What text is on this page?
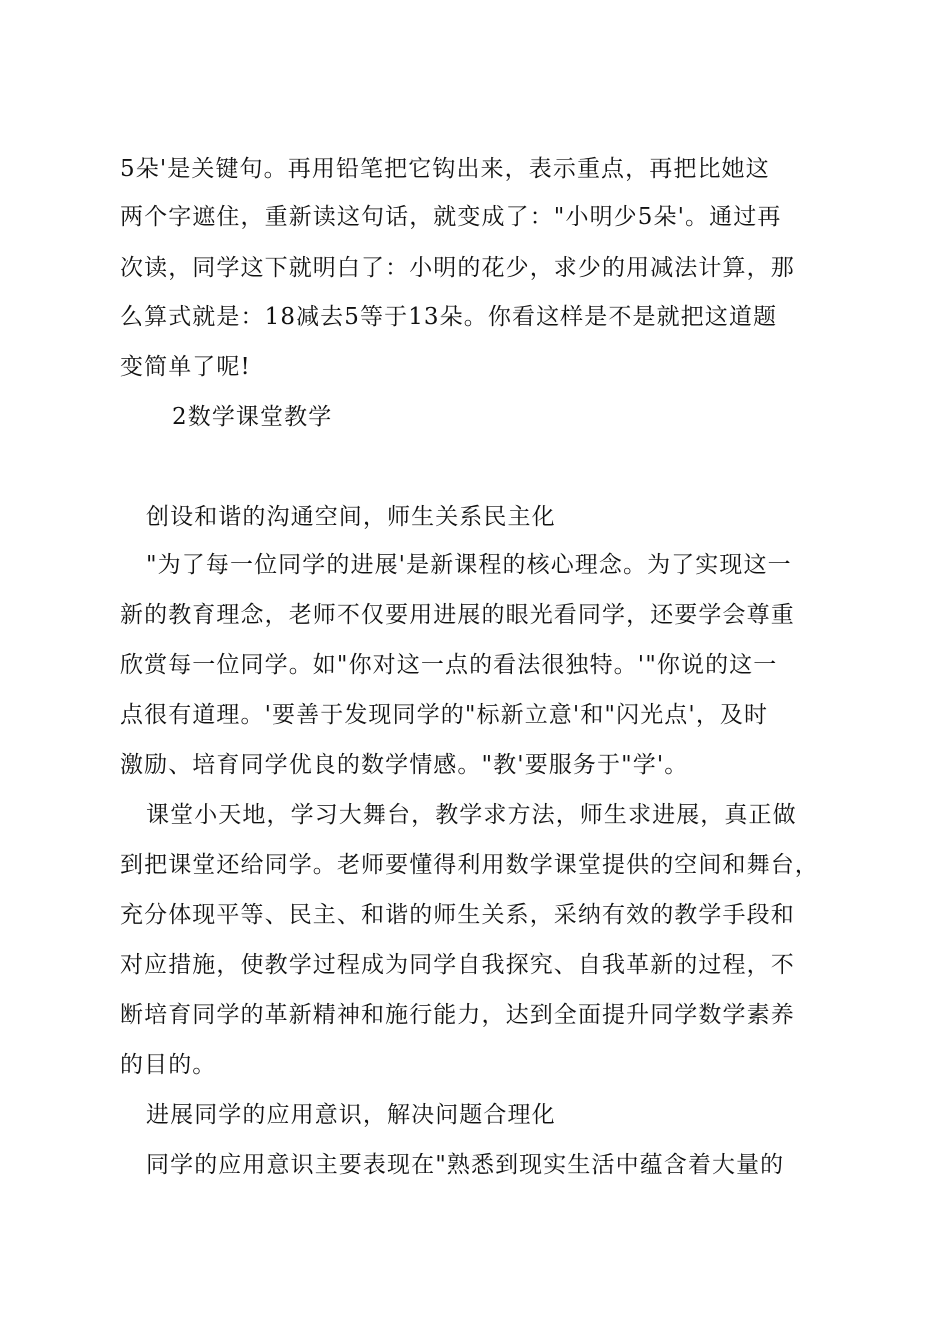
5朵'是关键句。再用铅笔把它钩出来，表示重点，再把比她这
两个字遮住，重新读这句话，就变成了："小明少5朵'。通过再
次读，同学这下就明白了：小明的花少，求少的用减法计算，那
么算式就是：18减去5等于13朵。你看这样是不是就把这道题
变简单了呢!
2数学课堂教学
创设和谐的沟通空间，师生关系民主化
"为了每一位同学的进展'是新课程的核心理念。为了实现这一
新的教育理念，老师不仅要用进展的眼光看同学，还要学会尊重
欣赏每一位同学。如"你对这一点的看法很独特。'"你说的这一
点很有道理。'要善于发现同学的"标新立意'和"闪光点'，及时
激励、培育同学优良的数学情感。"教'要服务于"学'。
课堂小天地，学习大舞台，教学求方法，师生求进展，真正做
到把课堂还给同学。老师要懂得利用数学课堂提供的空间和舞台，
充分体现平等、民主、和谐的师生关系，采纳有效的教学手段和
对应措施，使教学过程成为同学自我探究、自我革新的过程，不
断培育同学的革新精神和施行能力，达到全面提升同学数学素养
的目的。
进展同学的应用意识，解决问题合理化
同学的应用意识主要表现在"熟悉到现实生活中蕴含着大量的
